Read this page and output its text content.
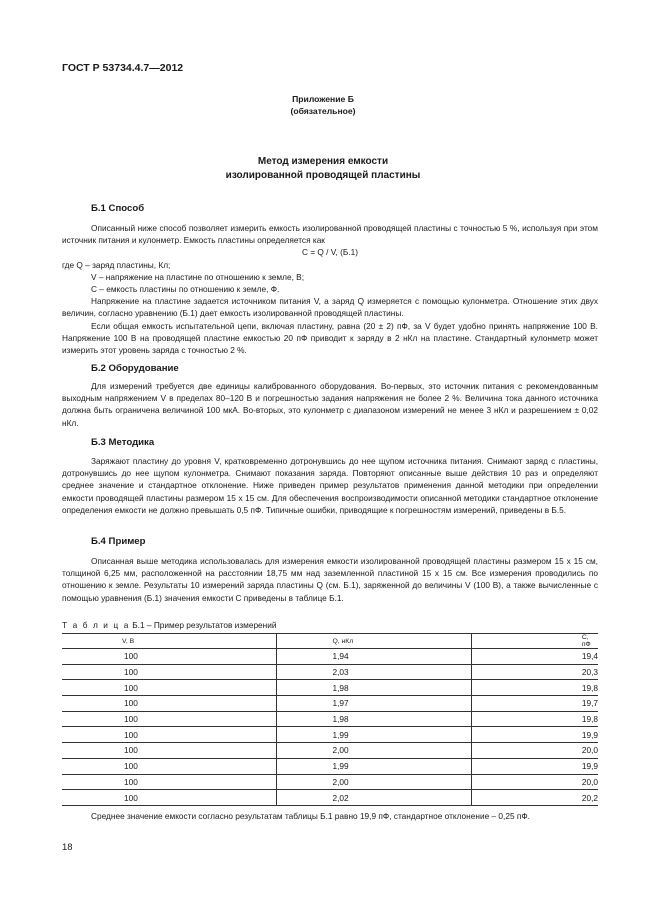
ГОСТ Р 53734.4.7—2012
Приложение Б
(обязательное)
Метод измерения емкости
изолированной проводящей пластины
Б.1 Способ

Описанный ниже способ позволяет измерить емкость изолированной проводящей пластины с точностью 5 %, используя при этом источник питания и кулонметр. Емкость пластины определяется как

C = Q / V, (Б.1)

где Q – заряд пластины, Кл;

V – напряжение на пластине по отношению к земле, В;

C – емкость пластины по отношению к земле, Ф.

Напряжение на пластине задается источником питания V, а заряд Q измеряется с помощью кулонметра. Отношение этих двух величин, согласно уравнению (Б.1) дает емкость изолированной проводящей пластины.

Если общая емкость испытательной цепи, включая пластину, равна (20 ± 2) пФ, за V будет удобно принять напряжение 100 В. Напряжение 100 В на проводящей пластине емкостью 20 пФ приводит к заряду в 2 нКл на пластине. Стандартный кулонметр может измерить этот уровень заряда с точностью 2 %.

Б.2 Оборудование

Для измерений требуется две единицы калиброванного оборудования. Во-первых, это источник питания с рекомендованным выходным напряжением V в пределах 80–120 В и погрешностью задания напряжения не более 2 %. Величина тока данного источника должна быть ограничена величиной 100 мкА. Во-вторых, это кулонметр с диапазоном измерений не менее 3 нКл и разрешением ± 0,02 нКл.

Б.3 Методика

Заряжают пластину до уровня V, кратковременно дотронувшись до нее щупом источника питания. Снимают заряд с пластины, дотронувшись до нее щупом кулонметра. Снимают показания заряда. Повторяют описанные выше действия 10 раз и определяют среднее значение и стандартное отклонение. Ниже приведен пример результатов применения данной методики при определении емкости проводящей пластины размером 15 х 15 см. Для обеспечения воспроизводимости описанной методики стандартное отклонение определения емкости не должно превышать 0,5 пФ. Типичные ошибки, приводящие к погрешностям измерений, приведены в Б.5.

Б.4 Пример

Описанная выше методика использовалась для измерения емкости изолированной проводящей пластины размером 15 х 15 см, толщиной 6,25 мм, расположенной на расстоянии 18,75 мм над заземленной пластиной 15 х 15 см. Все измерения проводились по отношению к земле. Результаты 10 измерений заряда пластины Q (см. Б.1), заряженной до величины V (100 В), а также вычисленные с помощью уравнения (Б.1) значения емкости C приведены в таблице Б.1.

Т а б л и ц а Б.1 – Пример результатов измерений
V, В	Q, нКл	C, пФ
100	1,94	19,4
100	2,03	20,3
100	1,98	19,8
100	1,97	19,7
100	1,98	19,8
100	1,99	19,9
100	2,00	20,0
100	1,99	19,9
100	2,00	20,0
100	2,02	20,2
Среднее значение емкости согласно результатам таблицы Б.1 равно 19,9 пФ, стандартное отклонение – 0,25 пФ.
18
